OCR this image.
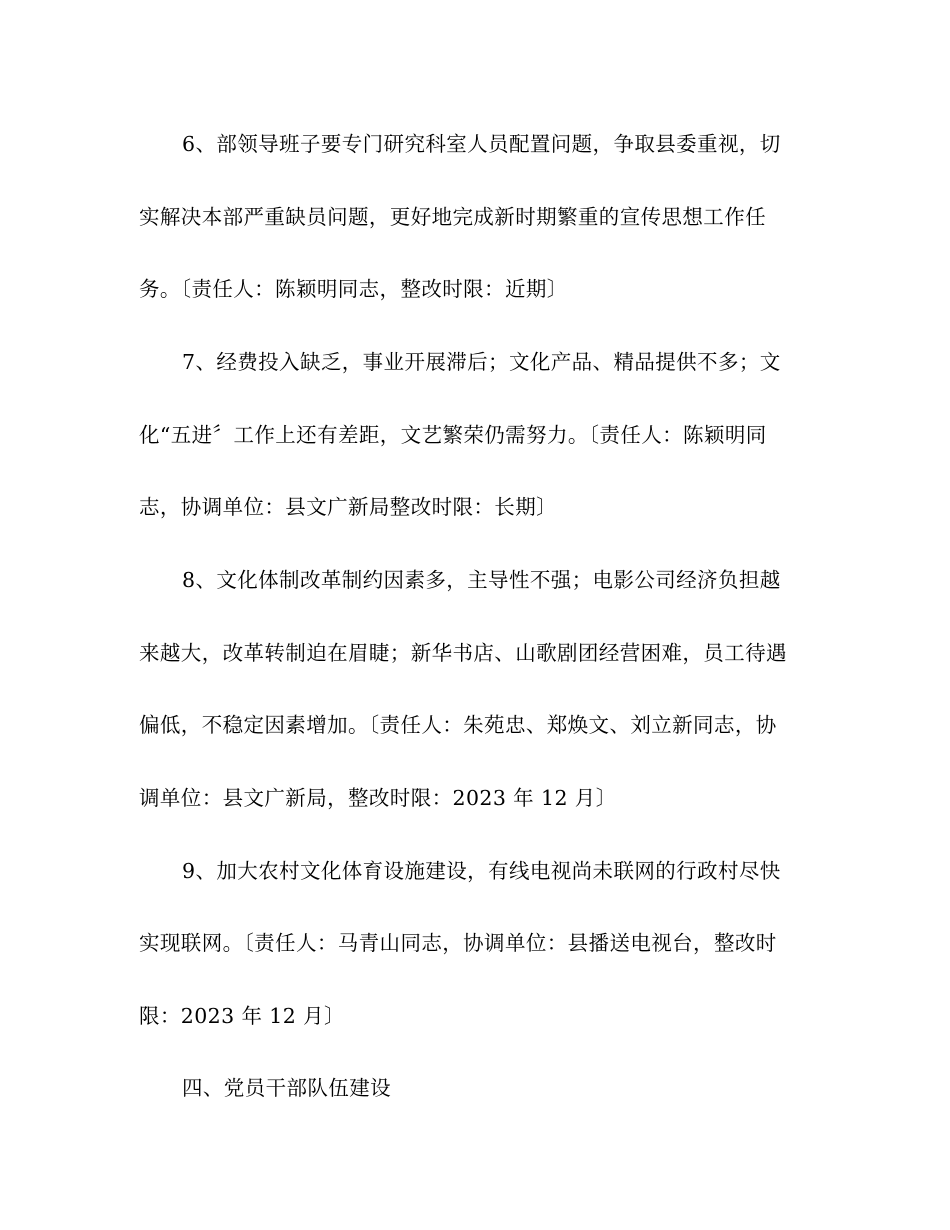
6、部领导班子要专门研究科室人员配置问题，争取县委重视，切
实解决本部严重缺员问题，更好地完成新时期繁重的宣传思想工作任
务。〔责任人：陈颖明同志，整改时限：近期〕
7、经费投入缺乏，事业开展滞后；文化产品、精品提供不多；文
化“五进〞工作上还有差距，文艺繁荣仍需努力。〔责任人：陈颖明同
志，协调单位：县文广新局整改时限：长期〕
8、文化体制改革制约因素多，主导性不强；电影公司经济负担越
来越大，改革转制迫在眉睫；新华书店、山歌剧团经营困难，员工待遇
偏低，不稳定因素增加。〔责任人：朱苑忠、郑焕文、刘立新同志，协
调单位：县文广新局，整改时限：2023 年 12 月〕
9、加大农村文化体育设施建设，有线电视尚未联网的行政村尽快
实现联网。〔责任人：马青山同志，协调单位：县播送电视台，整改时
限：2023 年 12 月〕
四、党员干部队伍建设
